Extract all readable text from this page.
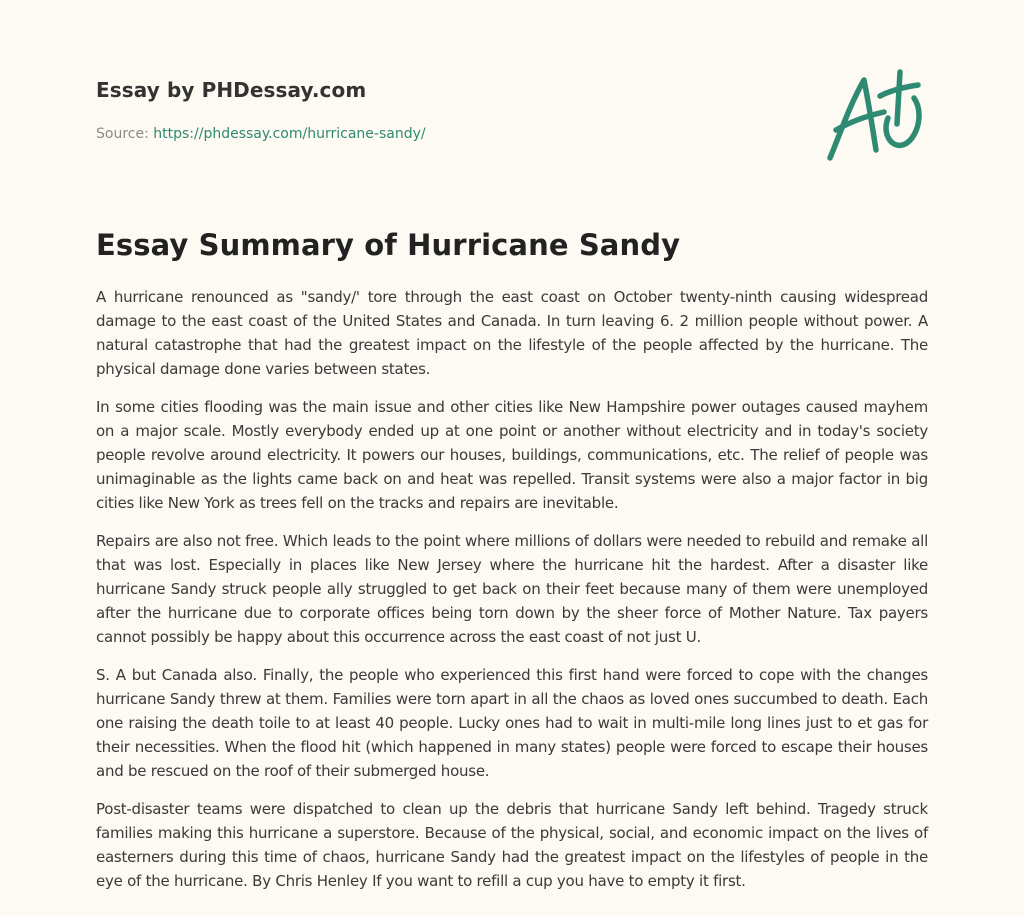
Essay by PHDessay.com
Source: https://phdessay.com/hurricane-sandy/
Essay Summary of Hurricane Sandy

A hurricane renounced as "sandy/' tore through the east coast on October twenty-ninth causing widespread damage to the east coast of the United States and Canada. In turn leaving 6. 2 million people without power. A natural catastrophe that had the greatest impact on the lifestyle of the people affected by the hurricane. The physical damage done varies between states.

In some cities flooding was the main issue and other cities like New Hampshire power outages caused mayhem on a major scale. Mostly everybody ended up at one point or another without electricity and in today's society people revolve around electricity. It powers our houses, buildings, communications, etc. The relief of people was unimaginable as the lights came back on and heat was repelled. Transit systems were also a major factor in big cities like New York as trees fell on the tracks and repairs are inevitable.

Repairs are also not free. Which leads to the point where millions of dollars were needed to rebuild and remake all that was lost. Especially in places like New Jersey where the hurricane hit the hardest. After a disaster like hurricane Sandy struck people ally struggled to get back on their feet because many of them were unemployed after the hurricane due to corporate offices being torn down by the sheer force of Mother Nature. Tax payers cannot possibly be happy about this occurrence across the east coast of not just U.

S. A but Canada also. Finally, the people who experienced this first hand were forced to cope with the changes hurricane Sandy threw at them. Families were torn apart in all the chaos as loved ones succumbed to death. Each one raising the death toile to at least 40 people. Lucky ones had to wait in multi-mile long lines just to et gas for their necessities. When the flood hit (which happened in many states) people were forced to escape their houses and be rescued on the roof of their submerged house.

Post-disaster teams were dispatched to clean up the debris that hurricane Sandy left behind. Tragedy struck families making this hurricane a superstore. Because of the physical, social, and economic impact on the lives of easterners during this time of chaos, hurricane Sandy had the greatest impact on the lifestyles of people in the eye of the hurricane. By Chris Henley If you want to refill a cup you have to empty it first.
